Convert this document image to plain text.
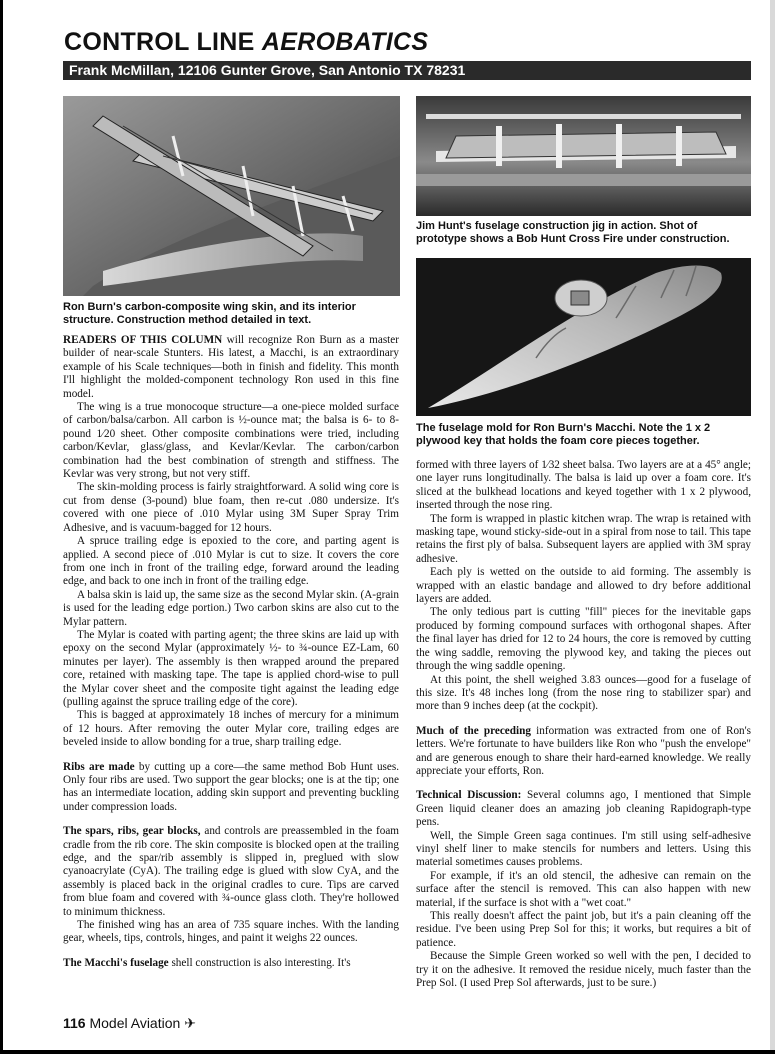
CONTROL LINE AEROBATICS
Frank McMillan, 12106 Gunter Grove, San Antonio TX 78231
Ron Burn's carbon-composite wing skin, and its interior structure. Construction method detailed in text.
Jim Hunt's fuselage construction jig in action. Shot of prototype shows a Bob Hunt Cross Fire under construction.
The fuselage mold for Ron Burn's Macchi. Note the 1 x 2 plywood key that holds the foam core pieces together.

READERS OF THIS COLUMN will recognize Ron Burn as a master builder of near-scale Stunters. His latest, a Macchi, is an extraordinary example of his Scale techniques—both in finish and fidelity. This month I'll highlight the molded-component technology Ron used in this fine model.

The wing is a true monocoque structure—a one-piece molded surface of carbon/balsa/carbon. All carbon is ½-ounce mat; the balsa is 6- to 8-pound 1⁄20 sheet. Other composite combinations were tried, including carbon/Kevlar, glass/glass, and Kevlar/Kevlar. The carbon/carbon combination had the best combination of strength and stiffness. The Kevlar was very strong, but not very stiff.

The skin-molding process is fairly straightforward. A solid wing core is cut from dense (3-pound) blue foam, then re-cut .080 undersize. It's covered with one piece of .010 Mylar using 3M Super Spray Trim Adhesive, and is vacuum-bagged for 12 hours.

A spruce trailing edge is epoxied to the core, and parting agent is applied. A second piece of .010 Mylar is cut to size. It covers the core from one inch in front of the trailing edge, forward around the leading edge, and back to one inch in front of the trailing edge.

A balsa skin is laid up, the same size as the second Mylar skin. (A-grain is used for the leading edge portion.) Two carbon skins are also cut to the Mylar pattern.

The Mylar is coated with parting agent; the three skins are laid up with epoxy on the second Mylar (approximately ½- to ¾-ounce EZ-Lam, 60 minutes per layer). The assembly is then wrapped around the prepared core, retained with masking tape. The tape is applied chord-wise to pull the Mylar cover sheet and the composite tight against the leading edge (pulling against the spruce trailing edge of the core).

This is bagged at approximately 18 inches of mercury for a minimum of 12 hours. After removing the outer Mylar core, trailing edges are beveled inside to allow bonding for a true, sharp trailing edge.

Ribs are made by cutting up a core—the same method Bob Hunt uses. Only four ribs are used. Two support the gear blocks; one is at the tip; one has an intermediate location, adding skin support and preventing buckling under compression loads.

The spars, ribs, gear blocks, and controls are preassembled in the foam cradle from the rib core. The skin composite is blocked open at the trailing edge, and the spar/rib assembly is slipped in, preglued with slow cyanoacrylate (CyA). The trailing edge is glued with slow CyA, and the assembly is placed back in the original cradles to cure. Tips are carved from blue foam and covered with ¾-ounce glass cloth. They're hollowed to minimum thickness.

The finished wing has an area of 735 square inches. With the landing gear, wheels, tips, controls, hinges, and paint it weighs 22 ounces.

The Macchi's fuselage shell construction is also interesting. It's

formed with three layers of 1⁄32 sheet balsa. Two layers are at a 45° angle; one layer runs longitudinally. The balsa is laid up over a foam core. It's sliced at the bulkhead locations and keyed together with 1 x 2 plywood, inserted through the nose ring.

The form is wrapped in plastic kitchen wrap. The wrap is retained with masking tape, wound sticky-side-out in a spiral from nose to tail. This tape retains the first ply of balsa. Subsequent layers are applied with 3M spray adhesive.

Each ply is wetted on the outside to aid forming. The assembly is wrapped with an elastic bandage and allowed to dry before additional layers are added.

The only tedious part is cutting "fill" pieces for the inevitable gaps produced by forming compound surfaces with orthogonal shapes. After the final layer has dried for 12 to 24 hours, the core is removed by cutting the wing saddle, removing the plywood key, and taking the pieces out through the wing saddle opening.

At this point, the shell weighed 3.83 ounces—good for a fuselage of this size. It's 48 inches long (from the nose ring to stabilizer spar) and more than 9 inches deep (at the cockpit).

Much of the preceding information was extracted from one of Ron's letters. We're fortunate to have builders like Ron who "push the envelope" and are generous enough to share their hard-earned knowledge. We really appreciate your efforts, Ron.

Technical Discussion: Several columns ago, I mentioned that Simple Green liquid cleaner does an amazing job cleaning Rapidograph-type pens.

Well, the Simple Green saga continues. I'm still using self-adhesive vinyl shelf liner to make stencils for numbers and letters. Using this material sometimes causes problems.

For example, if it's an old stencil, the adhesive can remain on the surface after the stencil is removed. This can also happen with new material, if the surface is shot with a "wet coat."

This really doesn't affect the paint job, but it's a pain cleaning off the residue. I've been using Prep Sol for this; it works, but requires a bit of patience.

Because the Simple Green worked so well with the pen, I decided to try it on the adhesive. It removed the residue nicely, much faster than the Prep Sol. (I used Prep Sol afterwards, just to be sure.)

116 Model Aviation ✈
